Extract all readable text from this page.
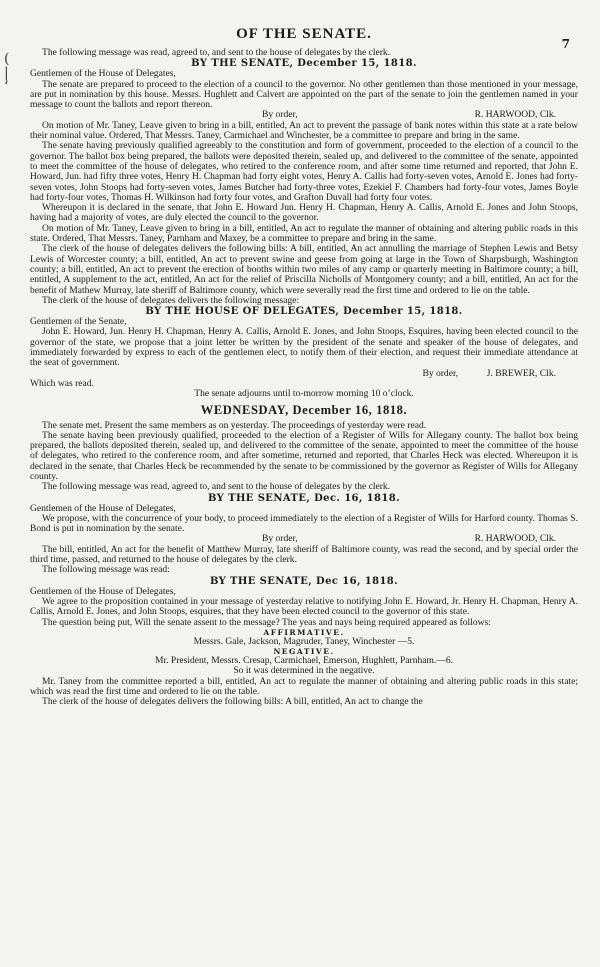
(
|
‘
7
OF THE SENATE.
The following message was read, agreed to, and sent to the house of delegates by the clerk.
BY THE SENATE, December 15, 1818.
Gentlemen of the House of Delegates,
The senate are prepared to proceed to the election of a council to the governor. No other gentlemen than those mentioned in your message, are put in nomination by this house. Messrs. Hughlett and Calvert are appointed on the part of the senate to join the gentlemen named in your message to count the ballots and report thereon.
By order,	R. HARWOOD, Clk.
On motion of Mr. Taney, Leave given to bring in a bill, entitled, An act to prevent the passage of bank notes within this state at a rate below their nominal value. Ordered, That Messrs. Taney, Carmichael and Winchester, be a committee to prepare and bring in the same.
The senate having previously qualified agreeably to the constitution and form of government, proceeded to the election of a council to the governor. The ballot box being prepared, the ballots were deposited therein, sealed up, and delivered to the committee of the senate, appointed to meet the committee of the house of delegates, who retired to the conference room, and after some time returned and reported, that John E. Howard, Jun. had fifty three votes, Henry H. Chapman had forty eight votes, Henry A. Callis had forty-seven votes, Arnold E. Jones had forty-seven votes, John Stoops had forty-seven votes, James Butcher had forty-three votes, Ezekiel F. Chambers had forty-four votes, James Boyle had forty-four votes, Thomas H. Wilkinson had forty four votes, and Grafton Duvall had forty four votes.
Whereupon it is declared in the senate, that John E. Howard Jun. Henry H. Chapman, Henry A. Callis, Arnold E. Jones and John Stoops, having had a majority of votes, are duly elected the council to the governor.
On motion of Mr. Taney, Leave given to bring in a bill, entitled, An act to regulate the manner of obtaining and altering public roads in this state. Ordered, That Messrs. Taney, Parnham and Maxey, be a committee to prepare and bring in the same.
The clerk of the house of delegates delivers the following bills: A bill, entitled, An act annulling the marriage of Stephen Lewis and Betsy Lewis of Worcester county; a bill, entitled, An act to prevent swine and geese from going at large in the Town of Sharpsburgh, Washington county; a bill, entitled, An act to prevent the erection of booths within two miles of any camp or quarterly meeting in Baltimore county; a bill, entitled, A supplement to the act, entitled, An act for the relief of Priscilla Nicholls of Montgomery county; and a bill, entitled, An act for the benefit of Mathew Murray, late sheriff of Baltimore county, which were severally read the first time and ordered to lie on the table.
The clerk of the house of delegates delivers the following message:
BY THE HOUSE OF DELEGATES, December 15, 1818.
Gentlemen of the Senate,
John E. Howard, Jun. Henry H. Chapman, Henry A. Callis, Arnold E. Jones, and John Stoops, Esquires, having been elected council to the governor of the state, we propose that a joint letter be written by the president of the senate and speaker of the house of delegates, and immediately forwarded by express to each of the gentlemen elect, to notify them of their election, and request their immediate attendance at the seat of government.
By order,   J. BREWER, Clk.
Which was read.
The senate adjourns until to-morrow morning 10 o’clock.
WEDNESDAY, December 16, 1818.
The senate met. Present the same members as on yesterday. The proceedings of yesterday were read.
The senate having been previously qualified, proceeded to the election of a Register of Wills for Allegany county. The ballot box being prepared, the ballots deposited therein, sealed up, and delivered to the committee of the senate, appointed to meet the committee of the house of delegates, who retired to the conference room, and after sometime, returned and reported, that Charles Heck was elected. Whereupon it is declared in the senate, that Charles Heck be recommended by the senate to be commissioned by the governor as Register of Wills for Allegany county.
The following message was read, agreed to, and sent to the house of delegates by the clerk.
BY THE SENATE, Dec. 16, 1818.
Gentlemen of the House of Delegates,
We propose, with the concurrence of your body, to proceed immediately to the election of a Register of Wills for Harford county. Thomas S. Bond is put in nomination by the senate.
By order,	R. HARWOOD, Clk.
The bill, entitled, An act for the benefit of Matthew Murray, late sheriff of Baltimore county, was read the second, and by special order the third time, passed, and returned to the house of delegates by the clerk.
The following message was read:
BY THE SENATE, Dec 16, 1818.
Gentlemen of the House of Delegates,
We agree to the proposition contained in your message of yesterday relative to notifying John E. Howard, Jr. Henry H. Chapman, Henry A. Callis, Arnold E. Jones, and John Stoops, esquires, that they have been elected council to the governor of this state.
The question being put, Will the senate assent to the message? The yeas and nays being required appeared as follows:
AFFIRMATIVE.
Messrs. Gale, Jackson, Magruder, Taney, Winchester —5.
NEGATIVE.
Mr. President, Messrs. Cresap, Carmichael, Emerson, Hughlett, Parnham.—6.
So it was determined in the negative.
Mr. Taney from the committee reported a bill, entitled, An act to regulate the manner of obtaining and altering public roads in this state; which was read the first time and ordered to lie on the table.
The clerk of the house of delegates delivers the following bills: A bill, entitled, An act to change the
